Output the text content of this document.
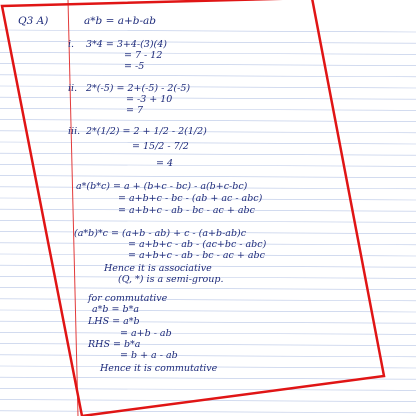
Q3 A)	a*b = a+b-ab
i. 3*4 = 3+4-(3)(4)
= 7 - 12
= -5
ii. 2*(-5) = 2+(-5) - 2(-5)
= -3 + 10
= 7
iii. 2*(1/2) = 2 + 1/2 - 2(1/2)
= 15/2 - 7/2
= 4
a*(b*c) = a + (b+c - bc) - a(b+c-bc)
= a+b+c - bc - (ab + ac - abc)
= a+b+c - ab - bc - ac + abc
(a*b)*c = (a+b - ab) + c - (a+b-ab)c
= a+b+c - ab - (ac+bc - abc)
= a+b+c - ab - bc - ac + abc
Hence it is associative
(Q, *) is a semi-group.
for commutative
a*b = b*a
LHS = a*b
= a+b - ab
RHS = b*a
= b + a - ab
Hence it is commutative
